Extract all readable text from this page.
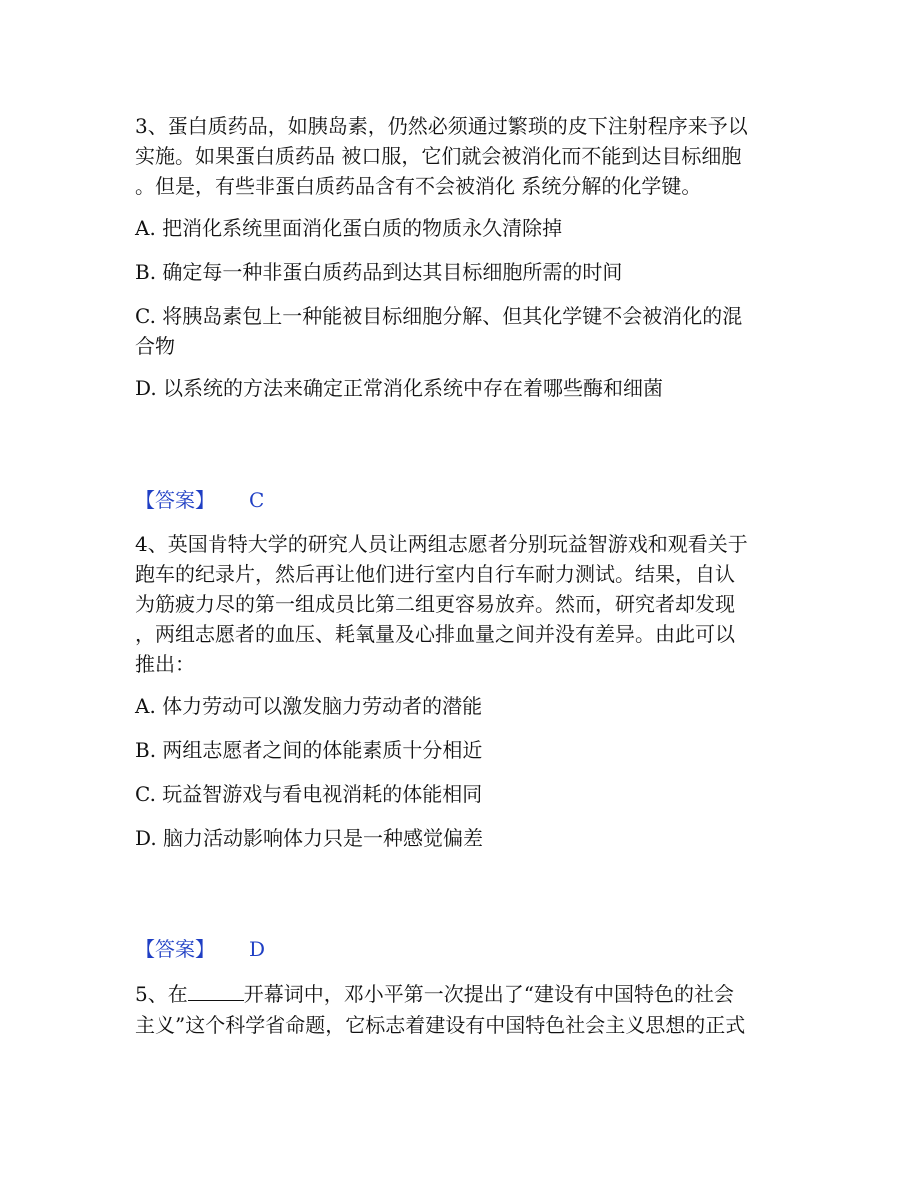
3、蛋白质药品，如胰岛素，仍然必须通过繁琐的皮下注射程序来予以
实施。如果蛋白质药品 被口服，它们就会被消化而不能到达目标细胞
。但是，有些非蛋白质药品含有不会被消化 系统分解的化学键。
A. 把消化系统里面消化蛋白质的物质永久清除掉
B. 确定每一种非蛋白质药品到达其目标细胞所需的时间
C. 将胰岛素包上一种能被目标细胞分解、但其化学键不会被消化的混
合物
D. 以系统的方法来确定正常消化系统中存在着哪些酶和细菌
【答案】 C
4、英国肯特大学的研究人员让两组志愿者分别玩益智游戏和观看关于
跑车的纪录片，然后再让他们进行室内自行车耐力测试。结果，自认
为筋疲力尽的第一组成员比第二组更容易放弃。然而，研究者却发现
，两组志愿者的血压、耗氧量及心排血量之间并没有差异。由此可以
推出：
A. 体力劳动可以激发脑力劳动者的潜能
B. 两组志愿者之间的体能素质十分相近
C. 玩益智游戏与看电视消耗的体能相同
D. 脑力活动影响体力只是一种感觉偏差
【答案】 D
5、在	开幕词中，邓小平第一次提出了“建设有中国特色的社会
主义”这个科学省命题，它标志着建设有中国特色社会主义思想的正式
